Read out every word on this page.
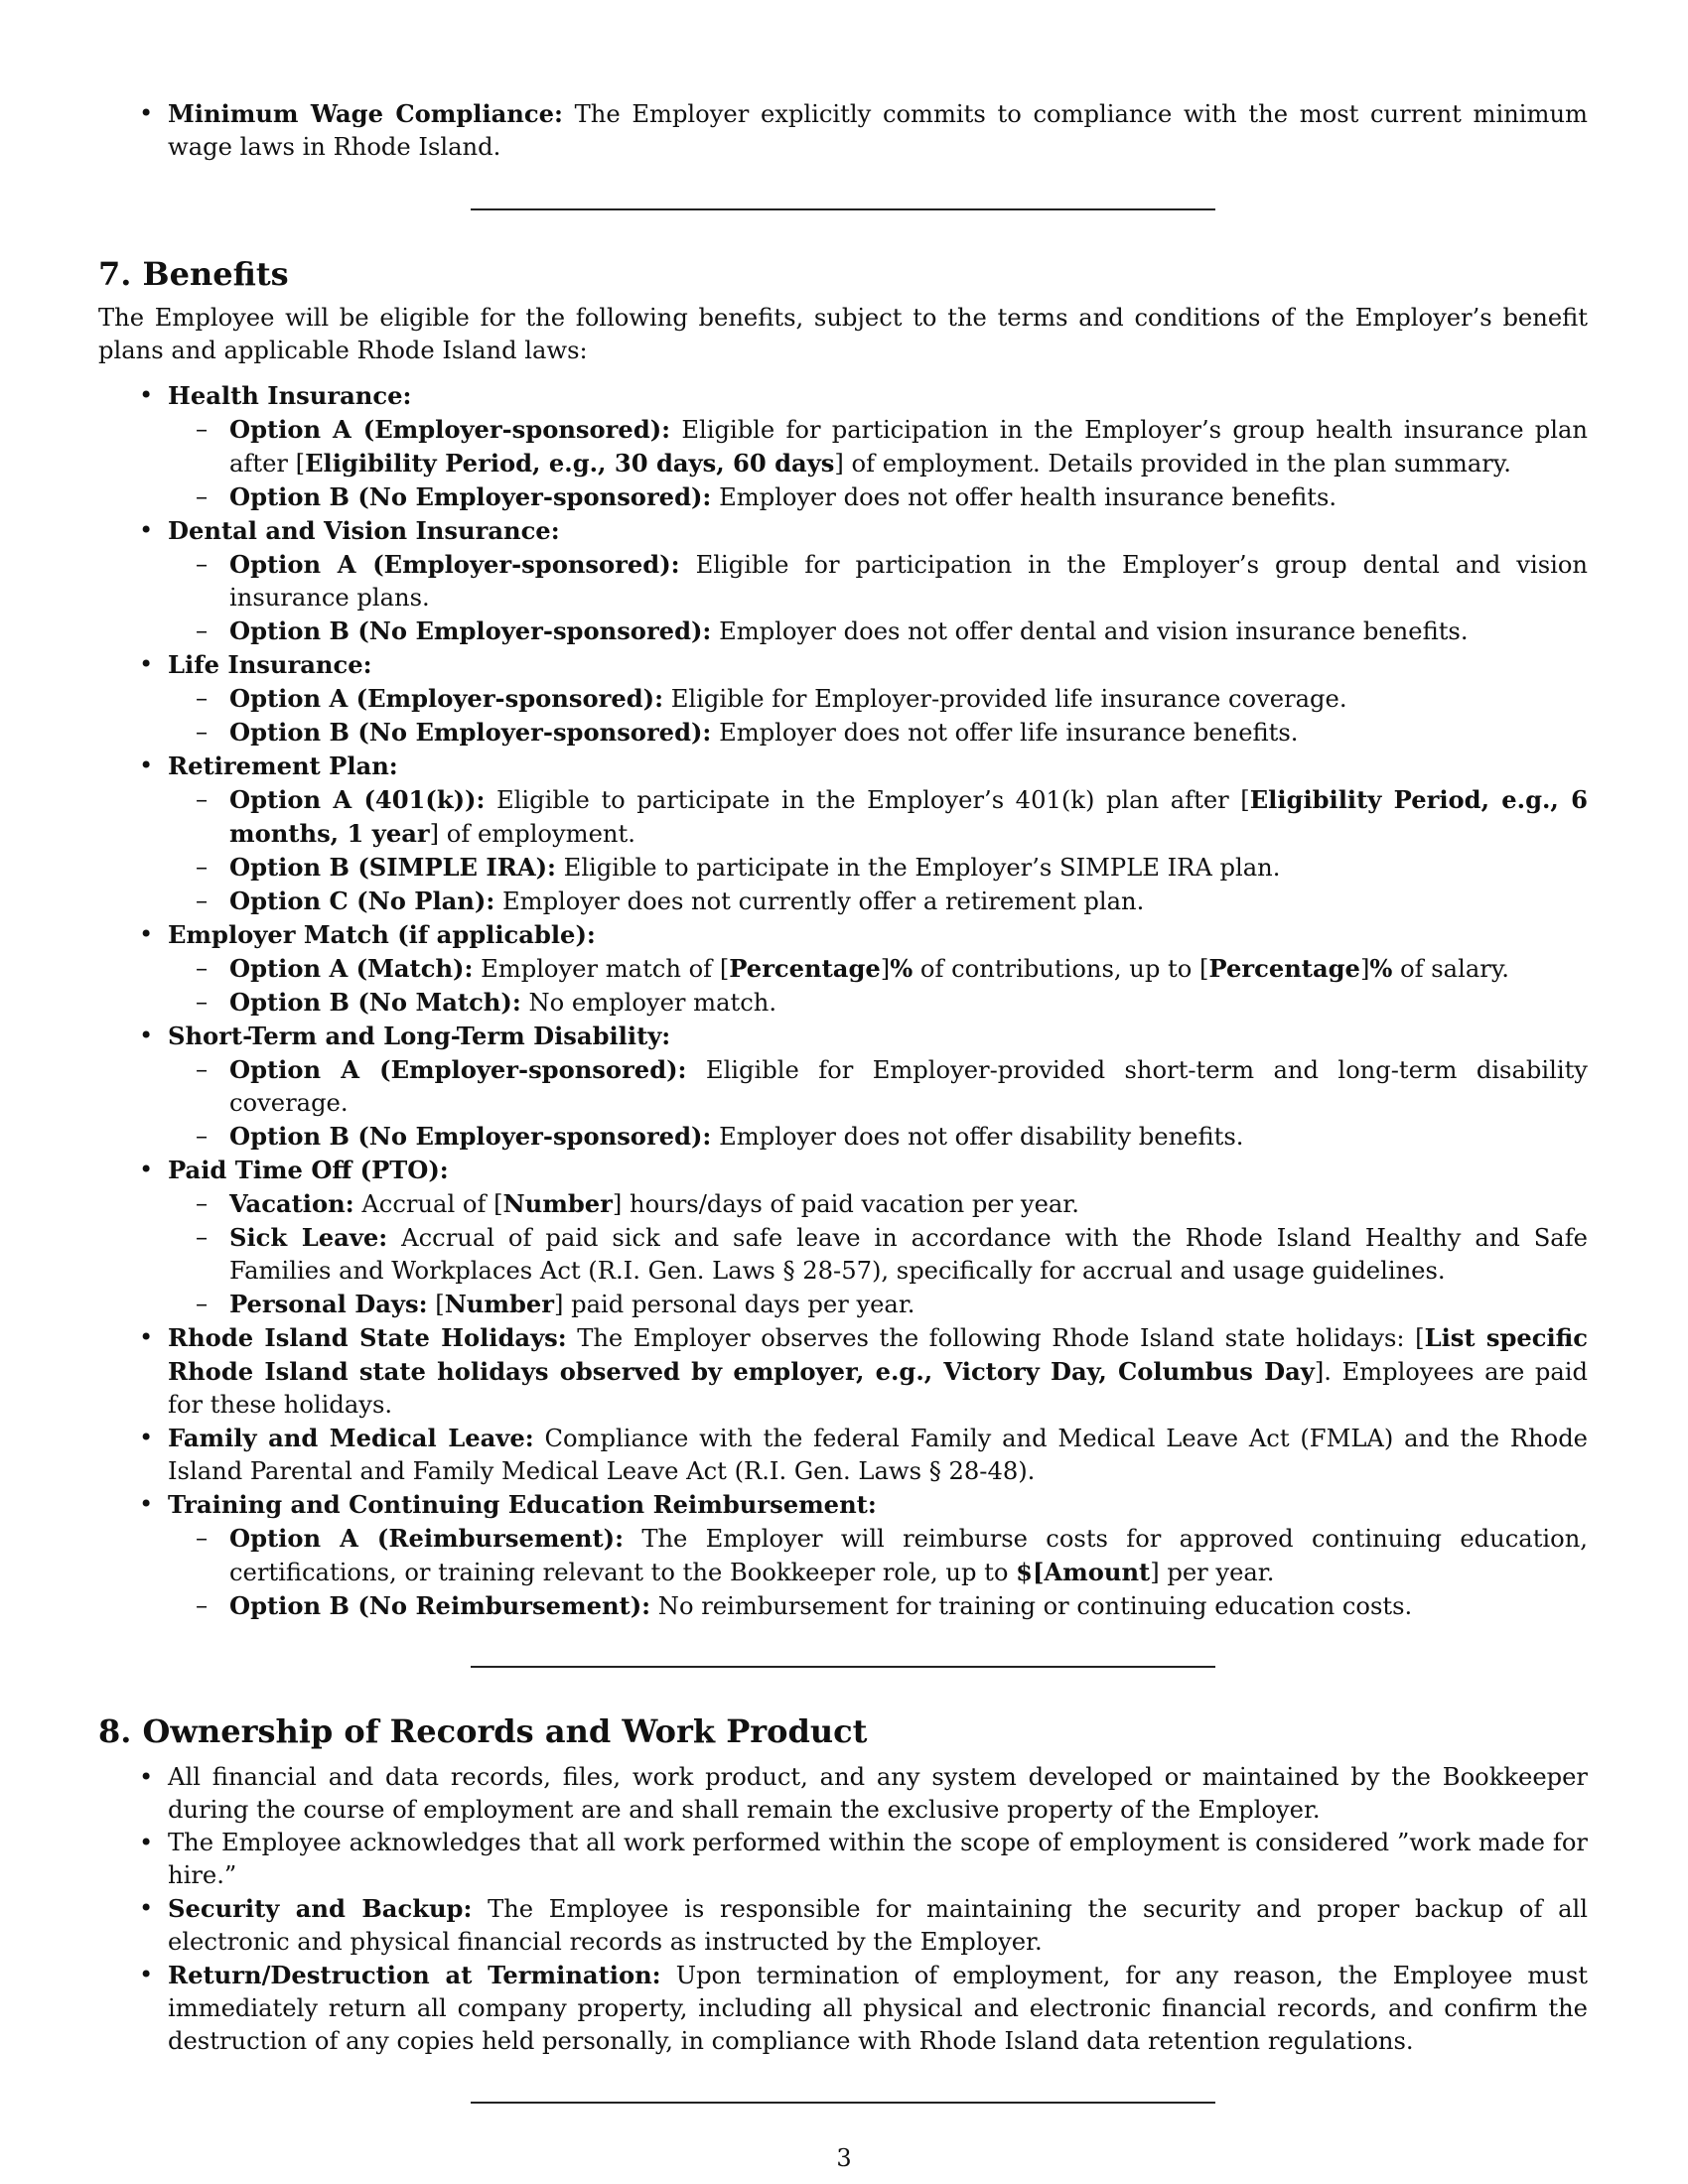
• Minimum Wage Compliance: The Employer explicitly commits to compliance with the most current minimum wage laws in Rhode Island.
7. Benefits

The Employee will be eligible for the following benefits, subject to the terms and conditions of the Employer’s benefit plans and applicable Rhode Island laws:

• Health Insurance:
– Option A (Employer-sponsored): Eligible for participation in the Employer’s group health insurance plan after [Eligibility Period, e.g., 30 days, 60 days] of employment. Details provided in the plan summary.
– Option B (No Employer-sponsored): Employer does not offer health insurance benefits.
• Dental and Vision Insurance:
– Option A (Employer-sponsored): Eligible for participation in the Employer’s group dental and vision insurance plans.
– Option B (No Employer-sponsored): Employer does not offer dental and vision insurance benefits.
• Life Insurance:
– Option A (Employer-sponsored): Eligible for Employer-provided life insurance coverage.
– Option B (No Employer-sponsored): Employer does not offer life insurance benefits.
• Retirement Plan:
– Option A (401(k)): Eligible to participate in the Employer’s 401(k) plan after [Eligibility Period, e.g., 6 months, 1 year] of employment.
– Option B (SIMPLE IRA): Eligible to participate in the Employer’s SIMPLE IRA plan.
– Option C (No Plan): Employer does not currently offer a retirement plan.
• Employer Match (if applicable):
– Option A (Match): Employer match of [Percentage]% of contributions, up to [Percentage]% of salary.
– Option B (No Match): No employer match.
• Short-Term and Long-Term Disability:
– Option A (Employer-sponsored): Eligible for Employer-provided short-term and long-term disability coverage.
– Option B (No Employer-sponsored): Employer does not offer disability benefits.
• Paid Time Off (PTO):
– Vacation: Accrual of [Number] hours/days of paid vacation per year.
– Sick Leave: Accrual of paid sick and safe leave in accordance with the Rhode Island Healthy and Safe Families and Workplaces Act (R.I. Gen. Laws § 28-57), specifically for accrual and usage guidelines.
– Personal Days: [Number] paid personal days per year.
• Rhode Island State Holidays: The Employer observes the following Rhode Island state holidays: [List specific Rhode Island state holidays observed by employer, e.g., Victory Day, Columbus Day]. Employees are paid for these holidays.
• Family and Medical Leave: Compliance with the federal Family and Medical Leave Act (FMLA) and the Rhode Island Parental and Family Medical Leave Act (R.I. Gen. Laws § 28-48).
• Training and Continuing Education Reimbursement:
– Option A (Reimbursement): The Employer will reimburse costs for approved continuing education, certifications, or training relevant to the Bookkeeper role, up to $[Amount] per year.
– Option B (No Reimbursement): No reimbursement for training or continuing education costs.
8. Ownership of Records and Work Product
• All financial and data records, files, work product, and any system developed or maintained by the Bookkeeper during the course of employment are and shall remain the exclusive property of the Employer.
• The Employee acknowledges that all work performed within the scope of employment is considered ”work made for hire.”
• Security and Backup: The Employee is responsible for maintaining the security and proper backup of all electronic and physical financial records as instructed by the Employer.
• Return/Destruction at Termination: Upon termination of employment, for any reason, the Employee must immediately return all company property, including all physical and electronic financial records, and confirm the destruction of any copies held personally, in compliance with Rhode Island data retention regulations.
3
